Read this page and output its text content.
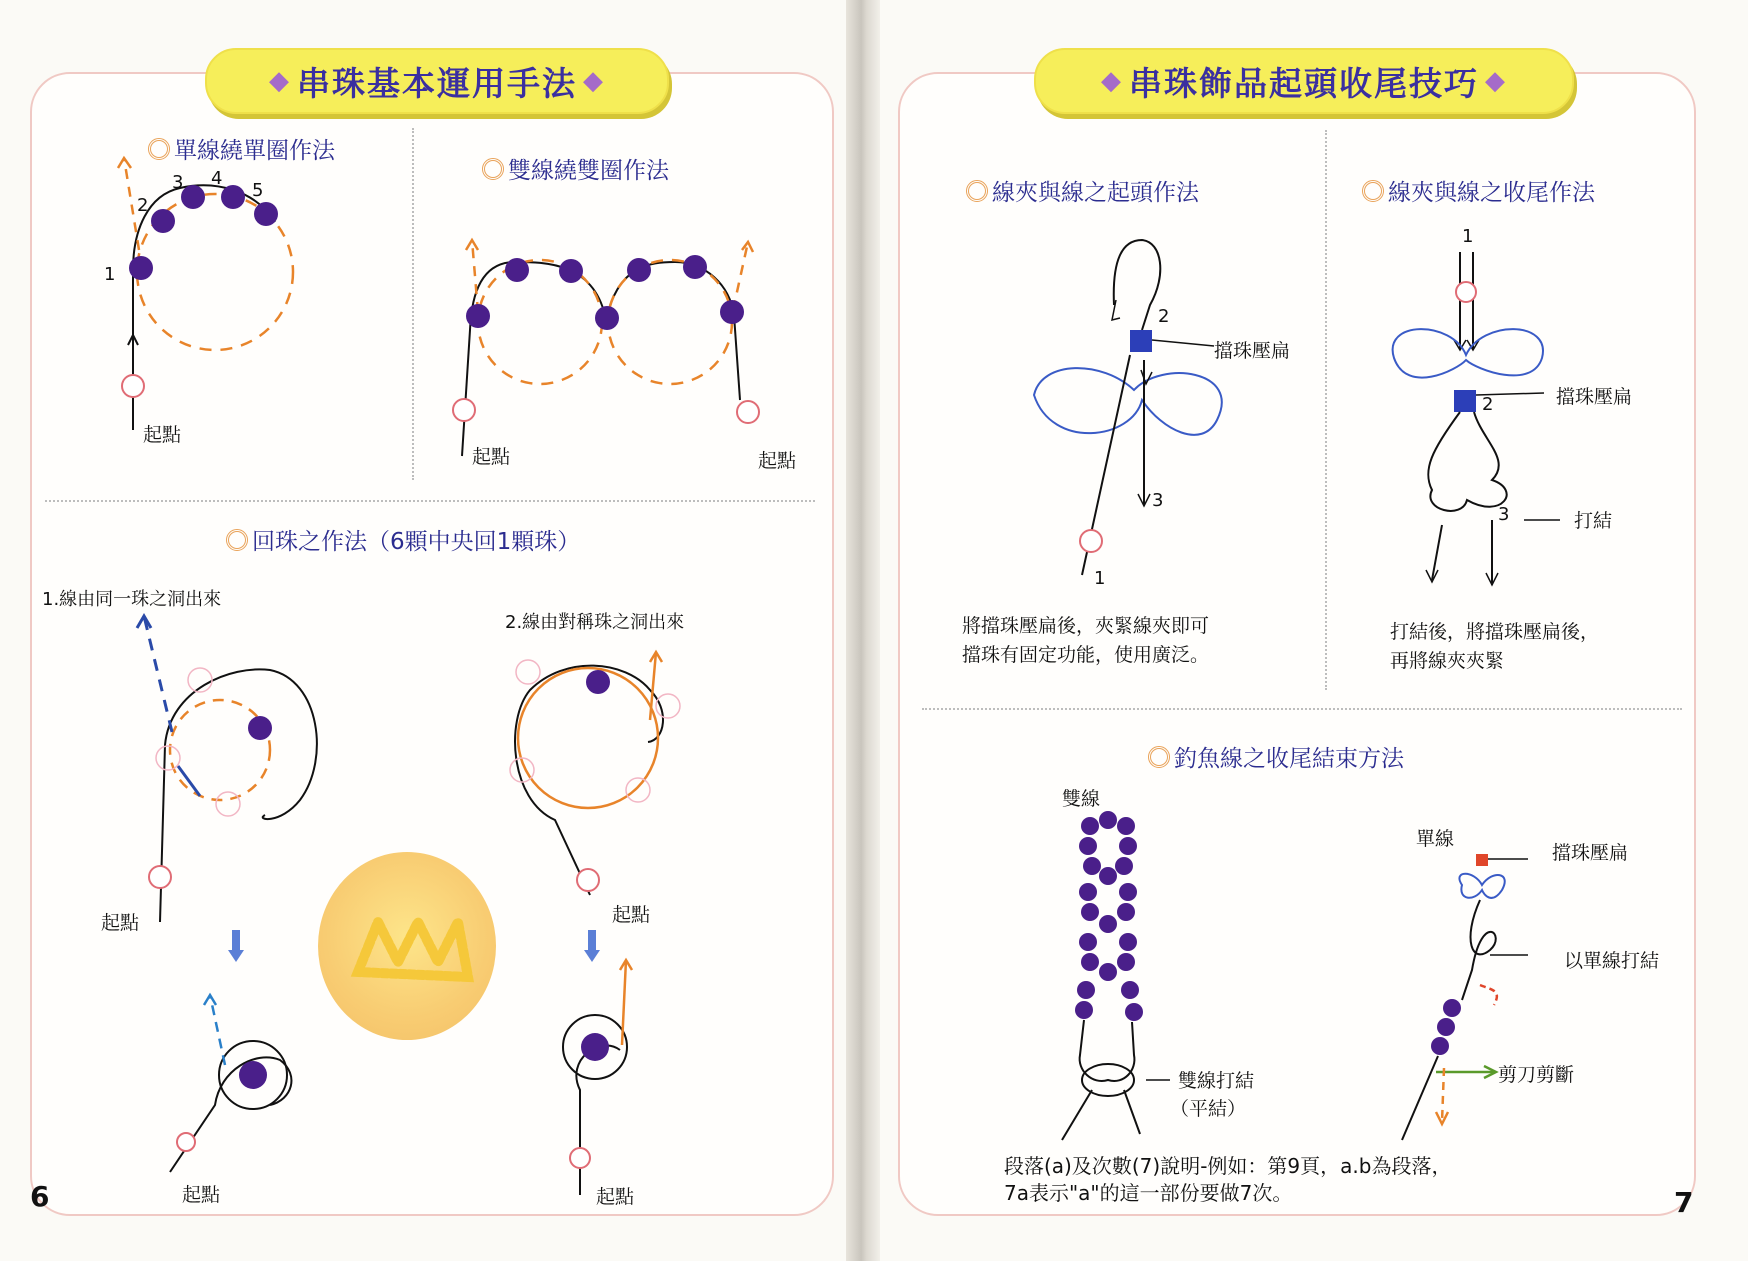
◆ 串珠基本運用手法 ◆
單線繞單圈作法
1
2
3 4
5
起點
雙線繞雙圈作法
起點	起點
回珠之作法（6顆中央回1顆珠）
1.線由同一珠之洞出來
2.線由對稱珠之洞出來
起點	起點
起點	起點
6
◆ 串珠飾品起頭收尾技巧 ◆
線夾與線之起頭作法
擋珠壓扁
1
2
3
將擋珠壓扁後，夾緊線夾即可
擋珠有固定功能，使用廣泛。
線夾與線之收尾作法
1
2
3
擋珠壓扁
打結
打結後，將擋珠壓扁後，
再將線夾夾緊
釣魚線之收尾結束方法
雙線
雙線打結
（平結）
單線
擋珠壓扁
以單線打結
剪刀剪斷
段落(a)及次數(7)說明-例如：第9頁，a.b為段落，
7a表示"a"的這一部份要做7次。	7
